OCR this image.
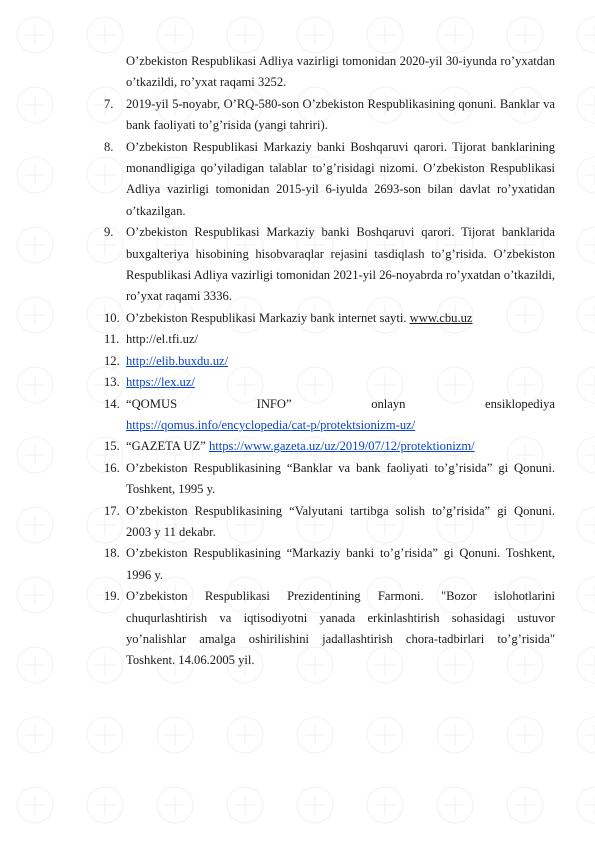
O’zbekiston Respublikasi Adliya vazirligi tomonidan 2020-yil 30-iyunda ro’yxatdan o’tkazildi, ro’yxat raqami 3252.
7. 2019-yil 5-noyabr, O’RQ-580-son O’zbekiston Respublikasining qonuni. Banklar va bank faoliyati to’g’risida (yangi tahriri).
8. O’zbekiston Respublikasi Markaziy banki Boshqaruvi qarori. Tijorat banklarining monandligiga qo’yiladigan talablar to’g’risidagi nizomi. O’zbekiston Respublikasi Adliya vazirligi tomonidan 2015-yil 6-iyulda 2693-son bilan davlat ro’yxatidan o’tkazilgan.
9. O’zbekiston Respublikasi Markaziy banki Boshqaruvi qarori. Tijorat banklarida buxgalteriya hisobining hisobvaraqlar rejasini tasdiqlash to’g’risida. O’zbekiston Respublikasi Adliya vazirligi tomonidan 2021-yil 26-noyabrda ro’yxatdan o’tkazildi, ro’yxat raqami 3336.
10. O’zbekiston Respublikasi Markaziy bank internet sayti. www.cbu.uz
11. http://el.tfi.uz/
12. http://elib.buxdu.uz/
13. https://lex.uz/
14. “QOMUS	INFO”	onlayn	ensiklopediya
https://qomus.info/encyclopedia/cat-p/protektsionizm-uz/
15. “GAZETA UZ” https://www.gazeta.uz/uz/2019/07/12/protektionizm/
16. O’zbekiston Respublikasining “Banklar va bank faoliyati to’g’risida” gi Qonuni. Toshkent, 1995 y.
17. O’zbekiston Respublikasining “Valyutani tartibga solish to’g’risida” gi Qonuni. 2003 y 11 dekabr.
18. O’zbekiston Respublikasining “Markaziy banki to’g’risida” gi Qonuni. Toshkent, 1996 y.
19. O’zbekiston Respublikasi Prezidentining Farmoni. "Bozor islohotlarini chuqurlashtirish va iqtisodiyotni yanada erkinlashtirish sohasidagi ustuvor yo’nalishlar amalga oshirilishini jadallashtirish chora-tadbirlari to’g’risida" Toshkent. 14.06.2005 yil.
